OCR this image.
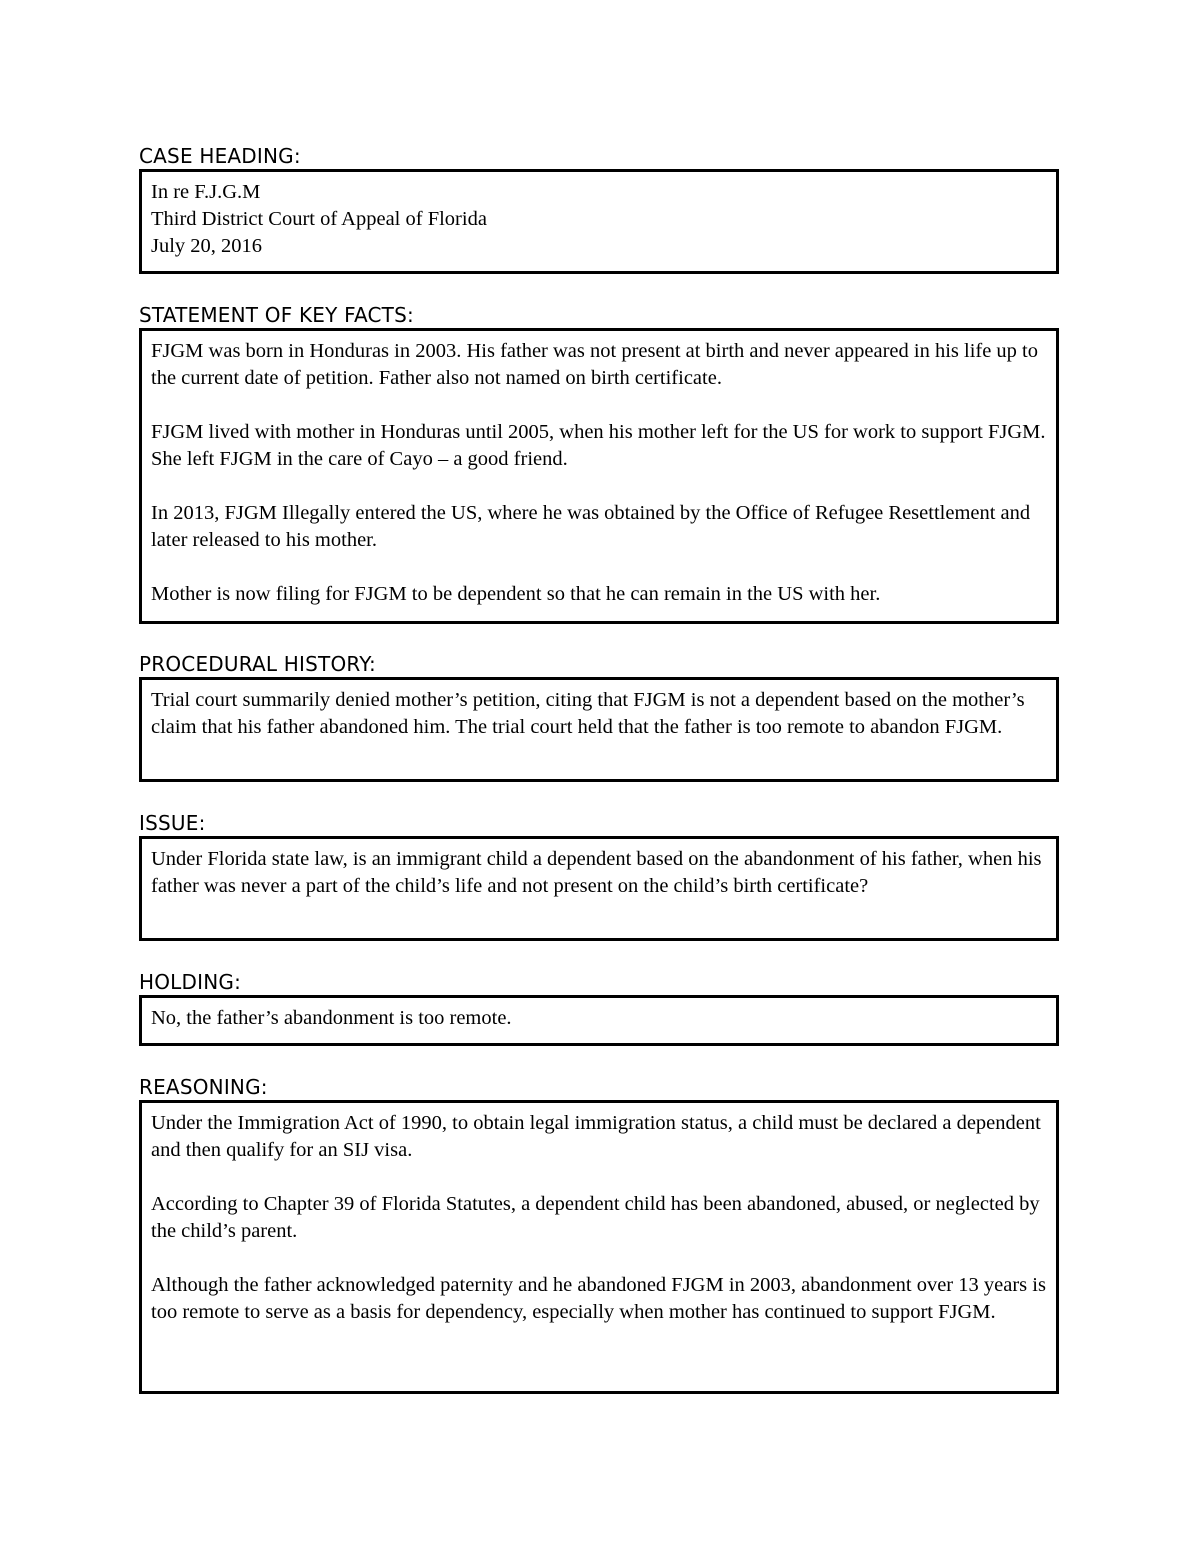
CASE HEADING:
In re F.J.G.M
Third District Court of Appeal of Florida
July 20, 2016
STATEMENT OF KEY FACTS:

FJGM was born in Honduras in 2003. His father was not present at birth and never appeared in his life up to the current date of petition. Father also not named on birth certificate.

FJGM lived with mother in Honduras until 2005, when his mother left for the US for work to support FJGM. She left FJGM in the care of Cayo – a good friend.

In 2013, FJGM Illegally entered the US, where he was obtained by the Office of Refugee Resettlement and later released to his mother.

Mother is now filing for FJGM to be dependent so that he can remain in the US with her.

PROCEDURAL HISTORY:

Trial court summarily denied mother’s petition, citing that FJGM is not a dependent based on the mother’s claim that his father abandoned him. The trial court held that the father is too remote to abandon FJGM.

ISSUE:

Under Florida state law, is an immigrant child a dependent based on the abandonment of his father, when his father was never a part of the child’s life and not present on the child’s birth certificate?

HOLDING:

No, the father’s abandonment is too remote.

REASONING:

Under the Immigration Act of 1990, to obtain legal immigration status, a child must be declared a dependent and then qualify for an SIJ visa.

According to Chapter 39 of Florida Statutes, a dependent child has been abandoned, abused, or neglected by the child’s parent.

Although the father acknowledged paternity and he abandoned FJGM in 2003, abandonment over 13 years is too remote to serve as a basis for dependency, especially when mother has continued to support FJGM.
